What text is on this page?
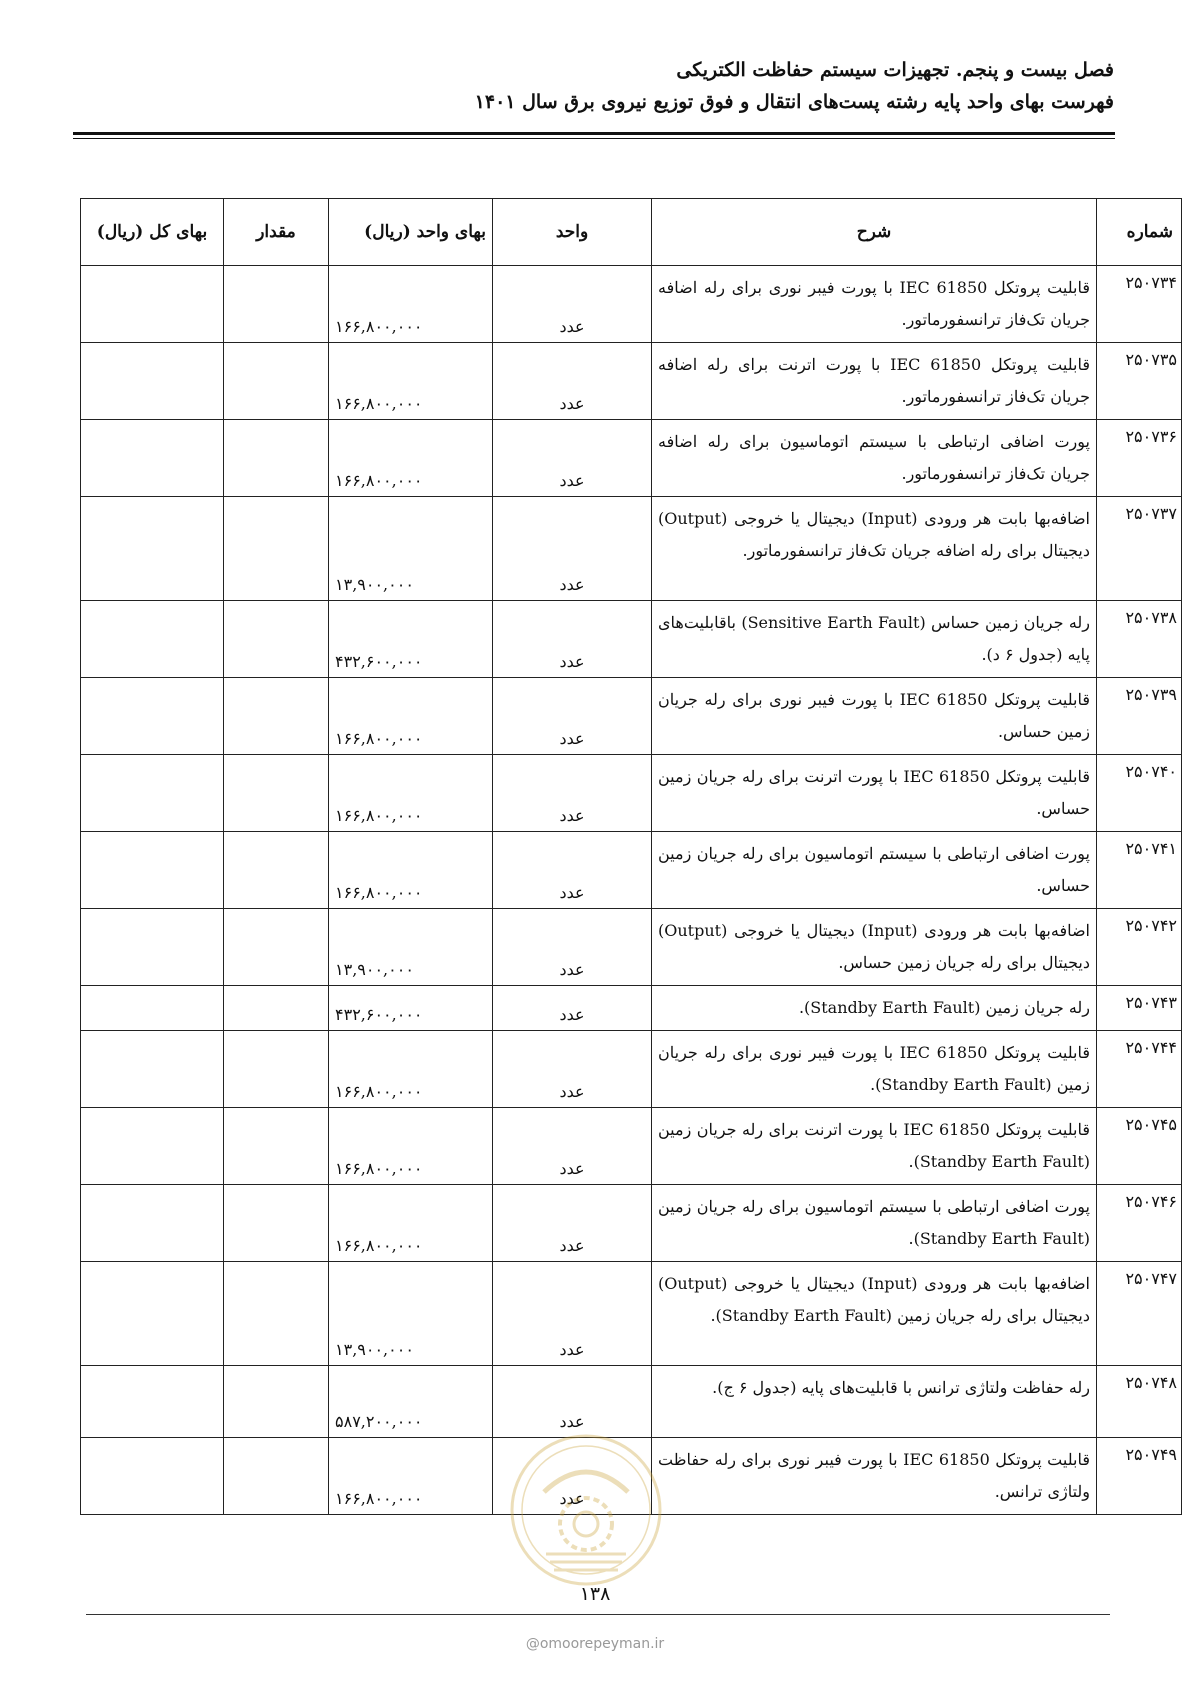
فصل بیست و پنجم. تجهیزات سیستم حفاظت الکتریکی
فهرست بهای واحد پایه رشته پست‌های انتقال و فوق توزیع نیروی برق سال ۱۴۰۱
شماره	شرح	واحد	بهای واحد (ریال)	مقدار	بهای کل (ریال)
۲۵۰۷۳۴	قابلیت پروتکل IEC 61850 با پورت فیبر نوری برای رله اضافه جریان تک‌فاز ترانسفورماتور.	عدد	۱۶۶,۸۰۰,۰۰۰		
۲۵۰۷۳۵	قابلیت پروتکل IEC 61850 با پورت اترنت برای رله اضافه جریان تک‌فاز ترانسفورماتور.	عدد	۱۶۶,۸۰۰,۰۰۰		
۲۵۰۷۳۶	پورت اضافی ارتباطی با سیستم اتوماسیون برای رله اضافه جریان تک‌فاز ترانسفورماتور.	عدد	۱۶۶,۸۰۰,۰۰۰		
۲۵۰۷۳۷	اضافه‌بها بابت هر ورودی (Input) دیجیتال یا خروجی (Output) دیجیتال برای رله اضافه جریان تک‌فاز ترانسفورماتور.	عدد	۱۳,۹۰۰,۰۰۰		
۲۵۰۷۳۸	رله جریان زمین حساس (Sensitive Earth Fault) باقابلیت‌های پایه (جدول ۶ د).	عدد	۴۳۲,۶۰۰,۰۰۰		
۲۵۰۷۳۹	قابلیت پروتکل IEC 61850 با پورت فیبر نوری برای رله جریان زمین حساس.	عدد	۱۶۶,۸۰۰,۰۰۰		
۲۵۰۷۴۰	قابلیت پروتکل IEC 61850 با پورت اترنت برای رله جریان زمین حساس.	عدد	۱۶۶,۸۰۰,۰۰۰		
۲۵۰۷۴۱	پورت اضافی ارتباطی با سیستم اتوماسیون برای رله جریان زمین حساس.	عدد	۱۶۶,۸۰۰,۰۰۰		
۲۵۰۷۴۲	اضافه‌بها بابت هر ورودی (Input) دیجیتال یا خروجی (Output) دیجیتال برای رله جریان زمین حساس.	عدد	۱۳,۹۰۰,۰۰۰		
۲۵۰۷۴۳	رله جریان زمین (Standby Earth Fault).	عدد	۴۳۲,۶۰۰,۰۰۰		
۲۵۰۷۴۴	قابلیت پروتکل IEC 61850 با پورت فیبر نوری برای رله جریان زمین (Standby Earth Fault).	عدد	۱۶۶,۸۰۰,۰۰۰		
۲۵۰۷۴۵	قابلیت پروتکل IEC 61850 با پورت اترنت برای رله جریان زمین (Standby Earth Fault).	عدد	۱۶۶,۸۰۰,۰۰۰		
۲۵۰۷۴۶	پورت اضافی ارتباطی با سیستم اتوماسیون برای رله جریان زمین (Standby Earth Fault).	عدد	۱۶۶,۸۰۰,۰۰۰		
۲۵۰۷۴۷	اضافه‌بها بابت هر ورودی (Input) دیجیتال یا خروجی (Output) دیجیتال برای رله جریان زمین (Standby Earth Fault).	عدد	۱۳,۹۰۰,۰۰۰		
۲۵۰۷۴۸	رله حفاظت ولتاژی ترانس با قابلیت‌های پایه (جدول ۶ ج).	عدد	۵۸۷,۲۰۰,۰۰۰		
۲۵۰۷۴۹	قابلیت پروتکل IEC 61850 با پورت فیبر نوری برای رله حفاظت ولتاژی ترانس.	عدد	۱۶۶,۸۰۰,۰۰۰		
۱۳۸
@omoorepeyman.ir
